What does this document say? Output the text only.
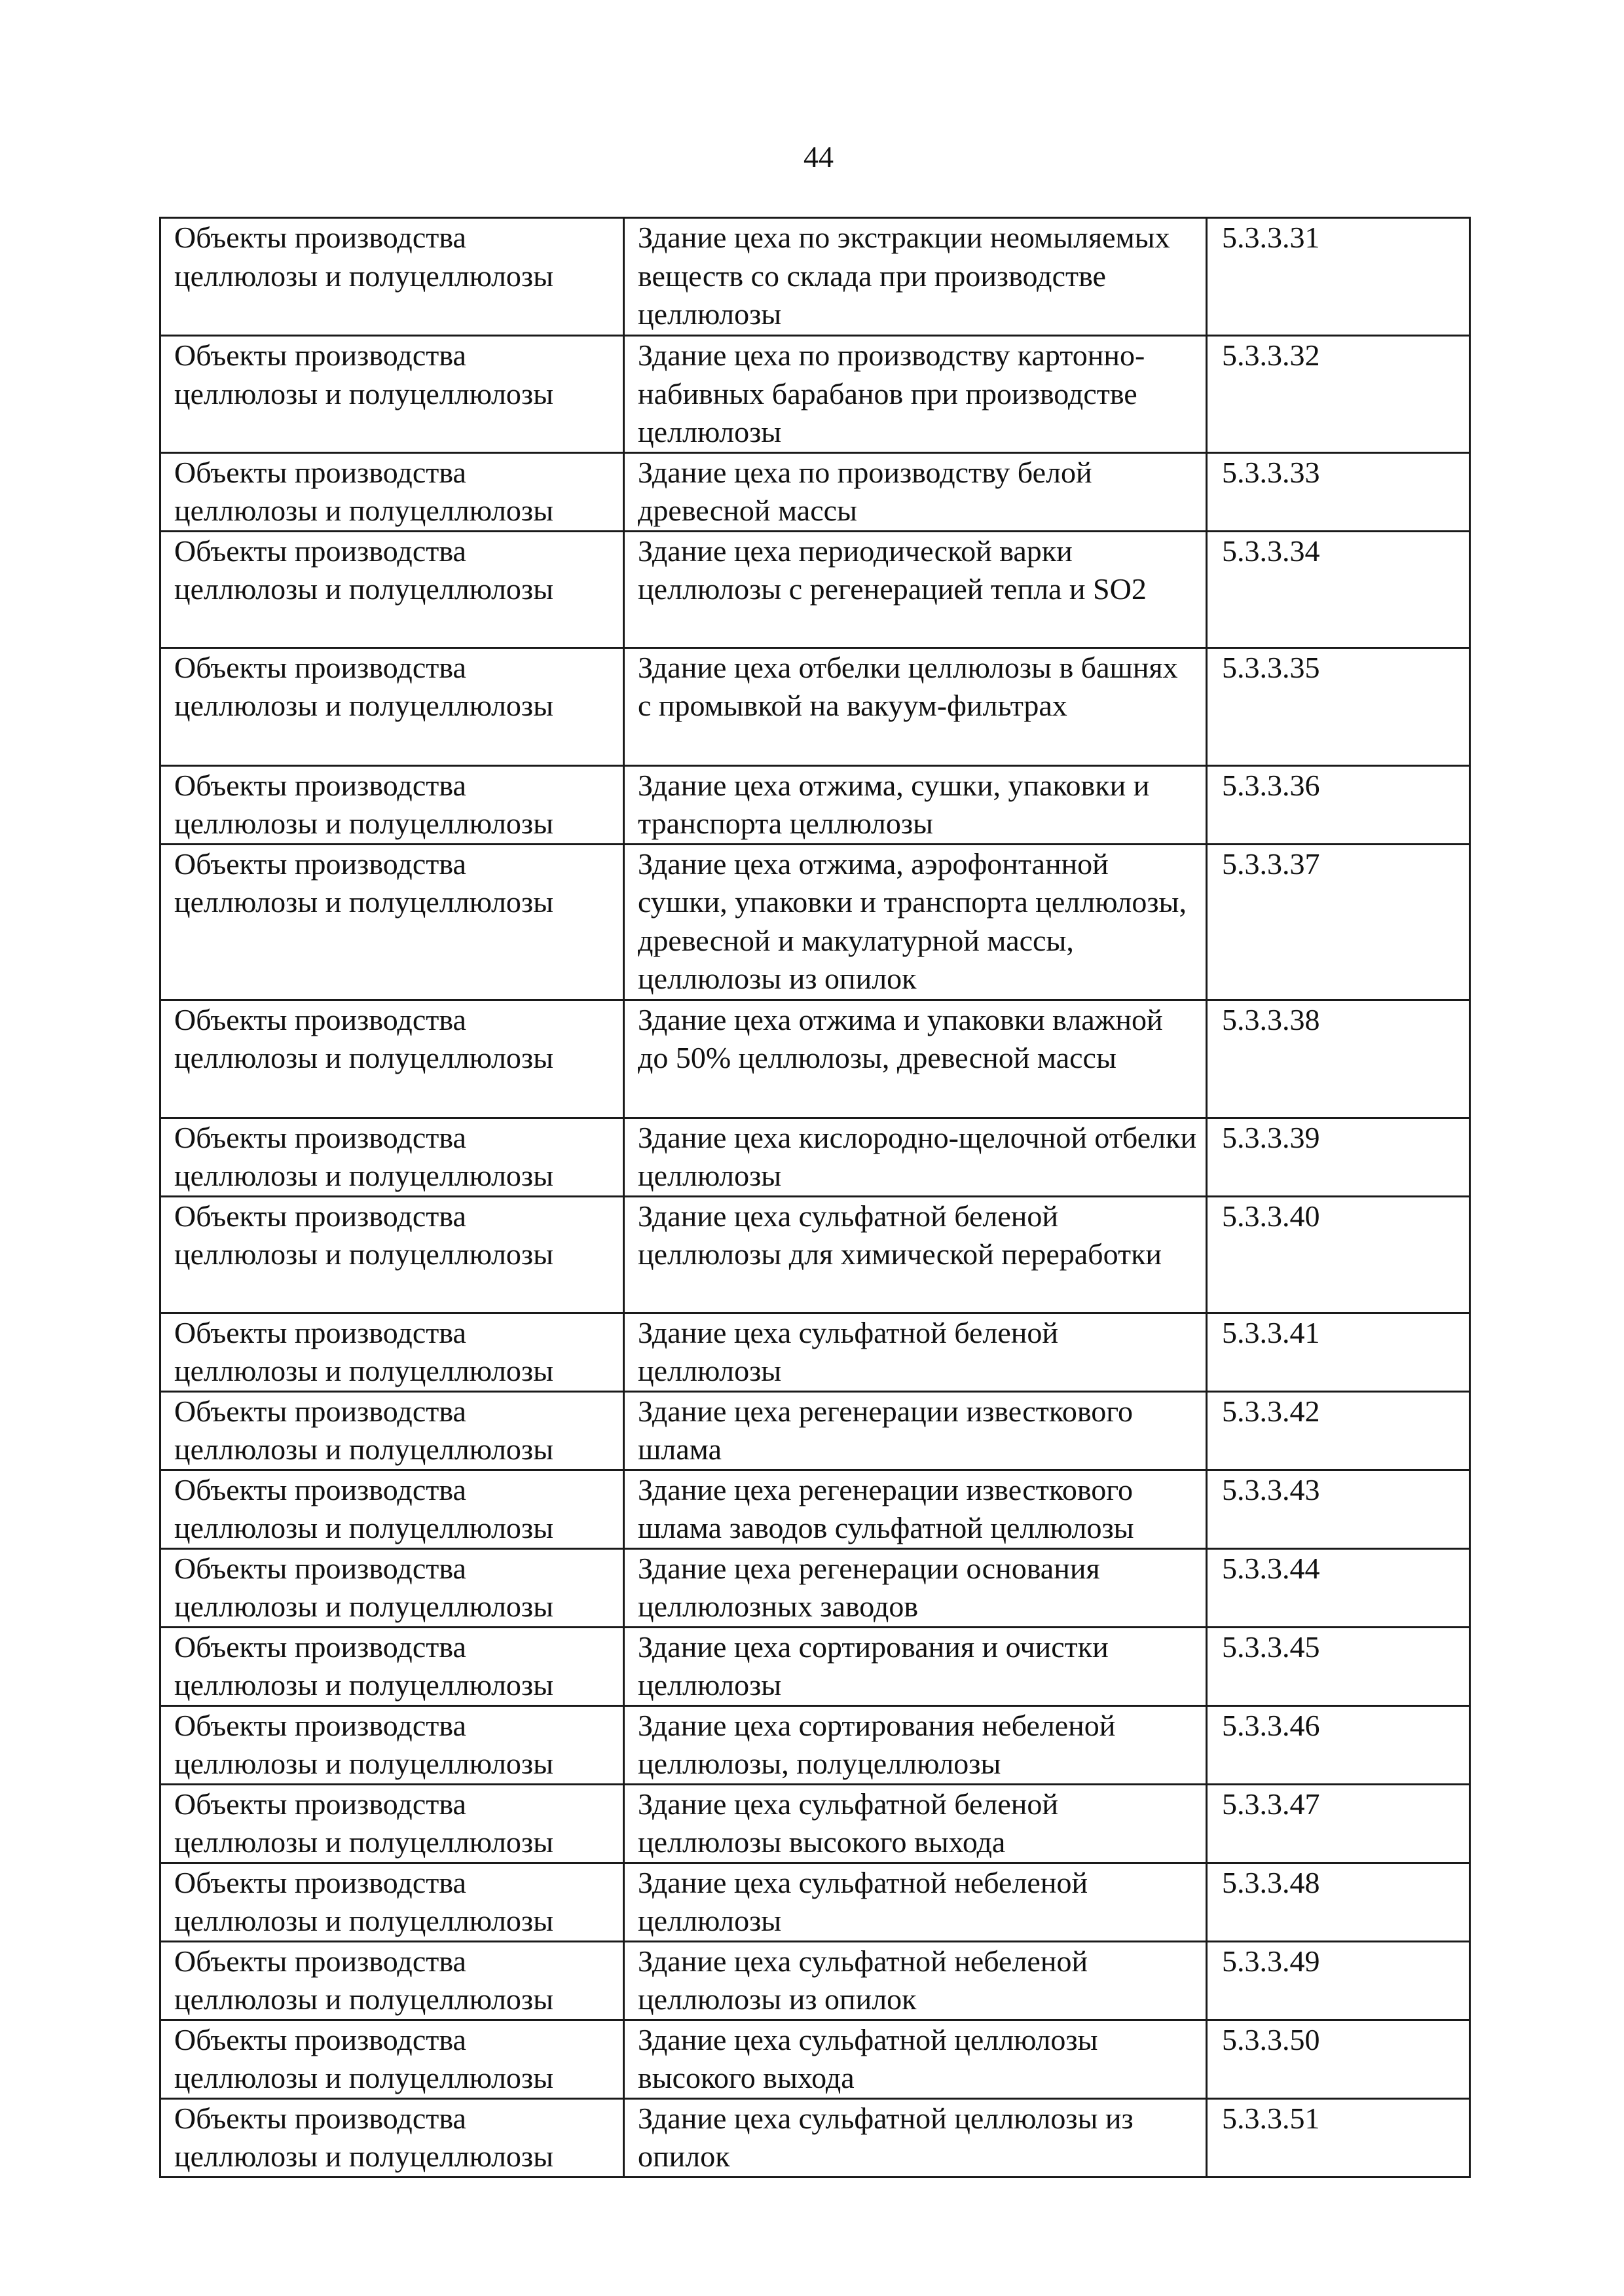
44
Объекты производства
целлюлозы и полуцеллюлозы	Здание цеха по экстракции неомыляемых веществ со склада при производстве целлюлозы	5.3.3.31
Объекты производства
целлюлозы и полуцеллюлозы	Здание цеха по производству картонно-набивных барабанов при производстве целлюлозы	5.3.3.32
Объекты производства
целлюлозы и полуцеллюлозы	Здание цеха по производству белой древесной массы	5.3.3.33
Объекты производства
целлюлозы и полуцеллюлозы	Здание цеха периодической варки целлюлозы с регенерацией тепла и SO2	5.3.3.34
Объекты производства
целлюлозы и полуцеллюлозы	Здание цеха отбелки целлюлозы в башнях с промывкой на вакуум-фильтрах	5.3.3.35
Объекты производства
целлюлозы и полуцеллюлозы	Здание цеха отжима, сушки, упаковки и транспорта целлюлозы	5.3.3.36
Объекты производства
целлюлозы и полуцеллюлозы	Здание цеха отжима, аэрофонтанной сушки, упаковки и транспорта целлюлозы, древесной и макулатурной массы, целлюлозы из опилок	5.3.3.37
Объекты производства
целлюлозы и полуцеллюлозы	Здание цеха отжима и упаковки влажной до 50% целлюлозы, древесной массы	5.3.3.38
Объекты производства
целлюлозы и полуцеллюлозы	Здание цеха кислородно-щелочной отбелки целлюлозы	5.3.3.39
Объекты производства
целлюлозы и полуцеллюлозы	Здание цеха сульфатной беленой целлюлозы для химической переработки	5.3.3.40
Объекты производства
целлюлозы и полуцеллюлозы	Здание цеха сульфатной беленой целлюлозы	5.3.3.41
Объекты производства
целлюлозы и полуцеллюлозы	Здание цеха регенерации известкового шлама	5.3.3.42
Объекты производства
целлюлозы и полуцеллюлозы	Здание цеха регенерации известкового шлама заводов сульфатной целлюлозы	5.3.3.43
Объекты производства
целлюлозы и полуцеллюлозы	Здание цеха регенерации основания целлюлозных заводов	5.3.3.44
Объекты производства
целлюлозы и полуцеллюлозы	Здание цеха сортирования и очистки целлюлозы	5.3.3.45
Объекты производства
целлюлозы и полуцеллюлозы	Здание цеха сортирования небеленой целлюлозы, полуцеллюлозы	5.3.3.46
Объекты производства
целлюлозы и полуцеллюлозы	Здание цеха сульфатной беленой целлюлозы высокого выхода	5.3.3.47
Объекты производства
целлюлозы и полуцеллюлозы	Здание цеха сульфатной небеленой целлюлозы	5.3.3.48
Объекты производства
целлюлозы и полуцеллюлозы	Здание цеха сульфатной небеленой целлюлозы из опилок	5.3.3.49
Объекты производства
целлюлозы и полуцеллюлозы	Здание цеха сульфатной целлюлозы высокого выхода	5.3.3.50
Объекты производства
целлюлозы и полуцеллюлозы	Здание цеха сульфатной целлюлозы из опилок	5.3.3.51
